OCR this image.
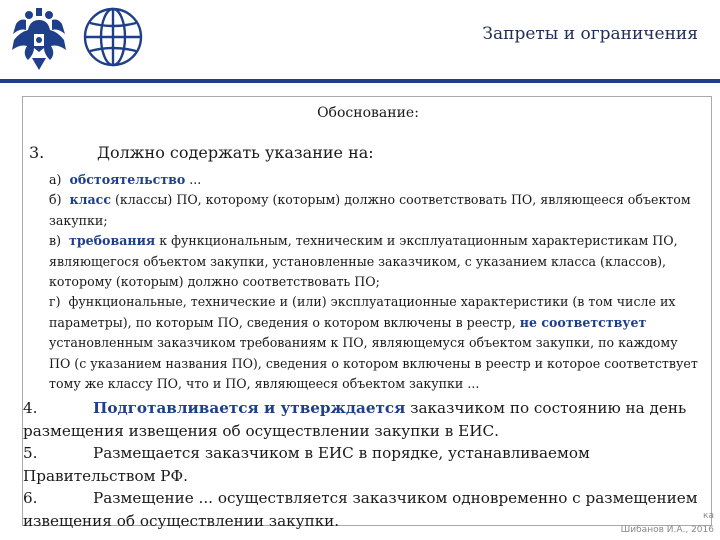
Запреты и ограничения
Обоснование:
3.	Должно содержать указание на:
а) обстоятельство ...
б) класс (классы) ПО, которому (которым) должно соответствовать ПО, являющееся объектом закупки;
в) требования к функциональным, техническим и эксплуатационным характеристикам ПО, являющегося объектом закупки, установленные заказчиком, с указанием класса (классов), которому (которым) должно соответствовать ПО;
г) функциональные, технические и (или) эксплуатационные характеристики (в том числе их параметры), по которым ПО, сведения о котором включены в реестр, не соответствует установленным заказчиком требованиям к ПО, являющемуся объектом закупки, по каждому ПО (с указанием названия ПО), сведения о котором включены в реестр и которое соответствует тому же классу ПО, что и ПО, являющееся объектом закупки ...
4.	Подготавливается и утверждается заказчиком по состоянию на день размещения извещения об осуществлении закупки в ЕИС.
5.	Размещается заказчиком в ЕИС в порядке, устанавливаемом Правительством РФ.
6.	Размещение ... осуществляется заказчиком одновременно с размещением извещения об осуществлении закупки.	ка
Шибанов И.А., 2016
